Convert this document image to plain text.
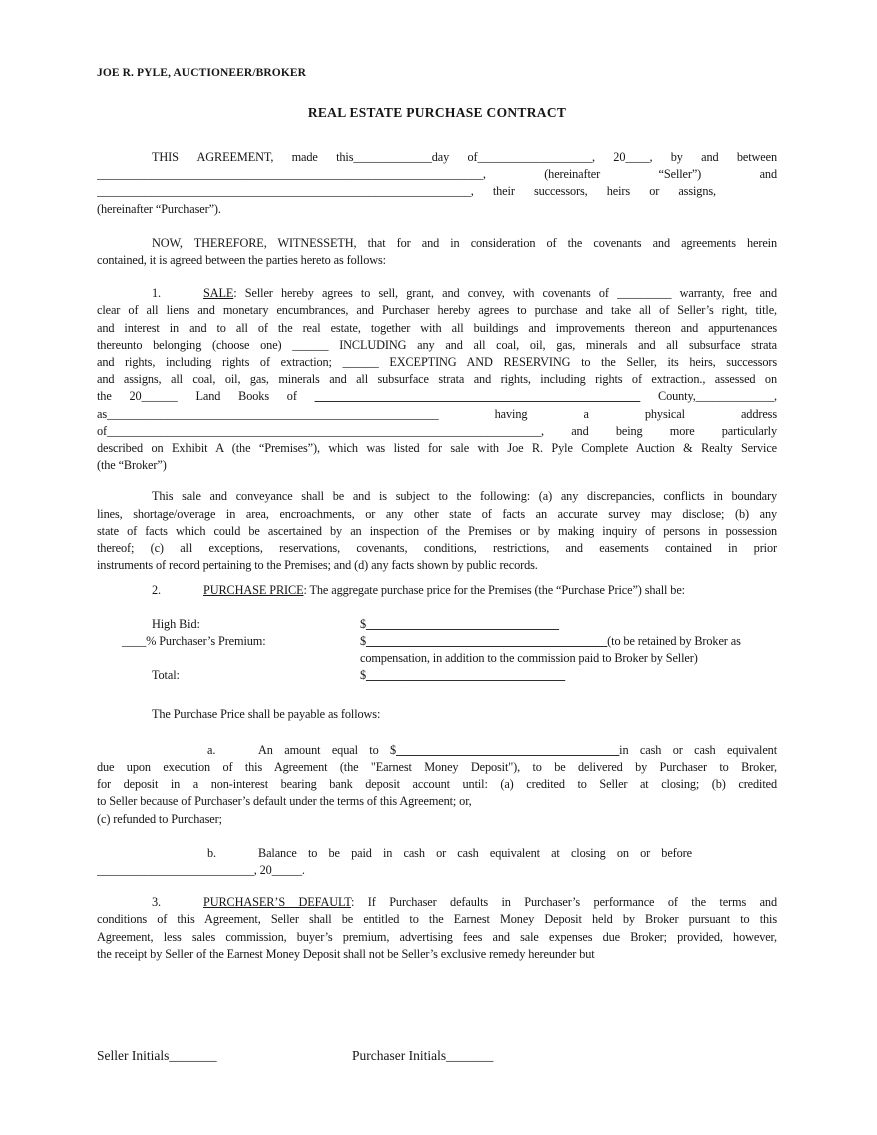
JOE R. PYLE, AUCTIONEER/BROKER
REAL ESTATE PURCHASE CONTRACT
THIS AGREEMENT, made this_____________day of___________________, 20____, by and between
________________________________________________________________, (hereinafter “Seller”) and
______________________________________________________________, their successors, heirs or assigns,
(hereinafter “Purchaser”).
NOW, THEREFORE, WITNESSETH, that for and in consideration of the covenants and agreements herein
contained, it is agreed between the parties hereto as follows:
1.	SALE: Seller hereby agrees to sell, grant, and convey, with covenants of _________ warranty, free and
clear of all liens and monetary encumbrances, and Purchaser hereby agrees to purchase and take all of Seller’s right, title,
and interest in and to all of the real estate, together with all buildings and improvements thereon and appurtenances
thereunto belonging (choose one) ______ INCLUDING any and all coal, oil, gas, minerals and all subsurface strata
and rights, including rights of extraction; ______ EXCEPTING AND RESERVING to the Seller, its heirs, successors
and assigns, all coal, oil, gas, minerals and all subsurface strata and rights, including rights of extraction., assessed on
the 20______ Land Books of ______________________________________________________ County,_____________,
as_______________________________________________________ having a physical address
of________________________________________________________________________, and being more particularly
described on Exhibit A (the “Premises”), which was listed for sale with Joe R. Pyle Complete Auction & Realty Service
(the “Broker”)
This sale and conveyance shall be and is subject to the following: (a) any discrepancies, conflicts in boundary
lines, shortage/overage in area, encroachments, or any other state of facts an accurate survey may disclose; (b) any
state of facts which could be ascertained by an inspection of the Premises or by making inquiry of persons in possession
thereof; (c) all exceptions, reservations, covenants, conditions, restrictions, and easements contained in prior
instruments of record pertaining to the Premises; and (d) any facts shown by public records.
2.	PURCHASE PRICE: The aggregate purchase price for the Premises (the “Purchase Price”) shall be:
High Bid:	$________________________________
____% Purchaser’s Premium:	$________________________________________(to be retained by Broker as
compensation, in addition to the commission paid to Broker by Seller)
Total:	$_________________________________
The Purchase Price shall be payable as follows:
a.	An amount equal to $_____________________________________in cash or cash equivalent
due upon execution of this Agreement (the "Earnest Money Deposit"), to be delivered by Purchaser to Broker,
for deposit in a non-interest bearing bank deposit account until: (a) credited to Seller at closing; (b) credited
to Seller because of Purchaser’s default under the terms of this Agreement; or,
(c) refunded to Purchaser;
b.	Balance to be paid in cash or cash equivalent at closing on or before
__________________________, 20_____.
3.	PURCHASER’S DEFAULT: If Purchaser defaults in Purchaser’s performance of the terms and
conditions of this Agreement, Seller shall be entitled to the Earnest Money Deposit held by Broker pursuant to this
Agreement, less sales commission, buyer’s premium, advertising fees and sale expenses due Broker; provided, however,
the receipt by Seller of the Earnest Money Deposit shall not be Seller’s exclusive remedy hereunder but
Seller Initials_______	Purchaser Initials_______
